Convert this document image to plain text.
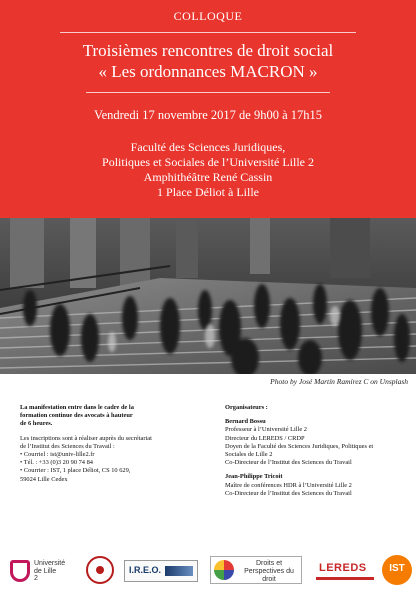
COLLOQUE
Troisièmes rencontres de droit social
« Les ordonnances MACRON »
Vendredi 17 novembre 2017 de 9h00 à 17h15
Faculté des Sciences Juridiques,
Politiques et Sociales de l’Université Lille 2
Amphithéâtre René Cassin
1 Place Déliot à Lille
Photo by José Martín Ramírez C on Unsplash

La manifestation entre dans le cadre de la
formation continue des avocats à hauteur
de 6 heures.

Les inscriptions sont à réaliser auprès du secrétariat
de l’Institut des Sciences du Travail :
• Courriel : ist@univ-lille2.fr
• Tél. : +33 (0)3 20 90 74 84
• Courrier : IST, 1 place Déliot, CS 10 629,
59024 Lille Cedex

Organisateurs :
Bernard Bossu
Professeur à l’Université Lille 2
Directeur du LEREDS / CRDP
Doyen de la Faculté des Sciences Juridiques, Politiques et
Sociales de Lille 2
Co-Directeur de l’Institut des Sciences du Travail
Jean-Philippe Tricoit
Maître de conférences HDR à l’Université Lille 2
Co-Directeur de l’Institut des Sciences du Travail
Université
de Lille
2
I.R.E.O.
Droits et
Perspectives du droit
LEREDS	IST
